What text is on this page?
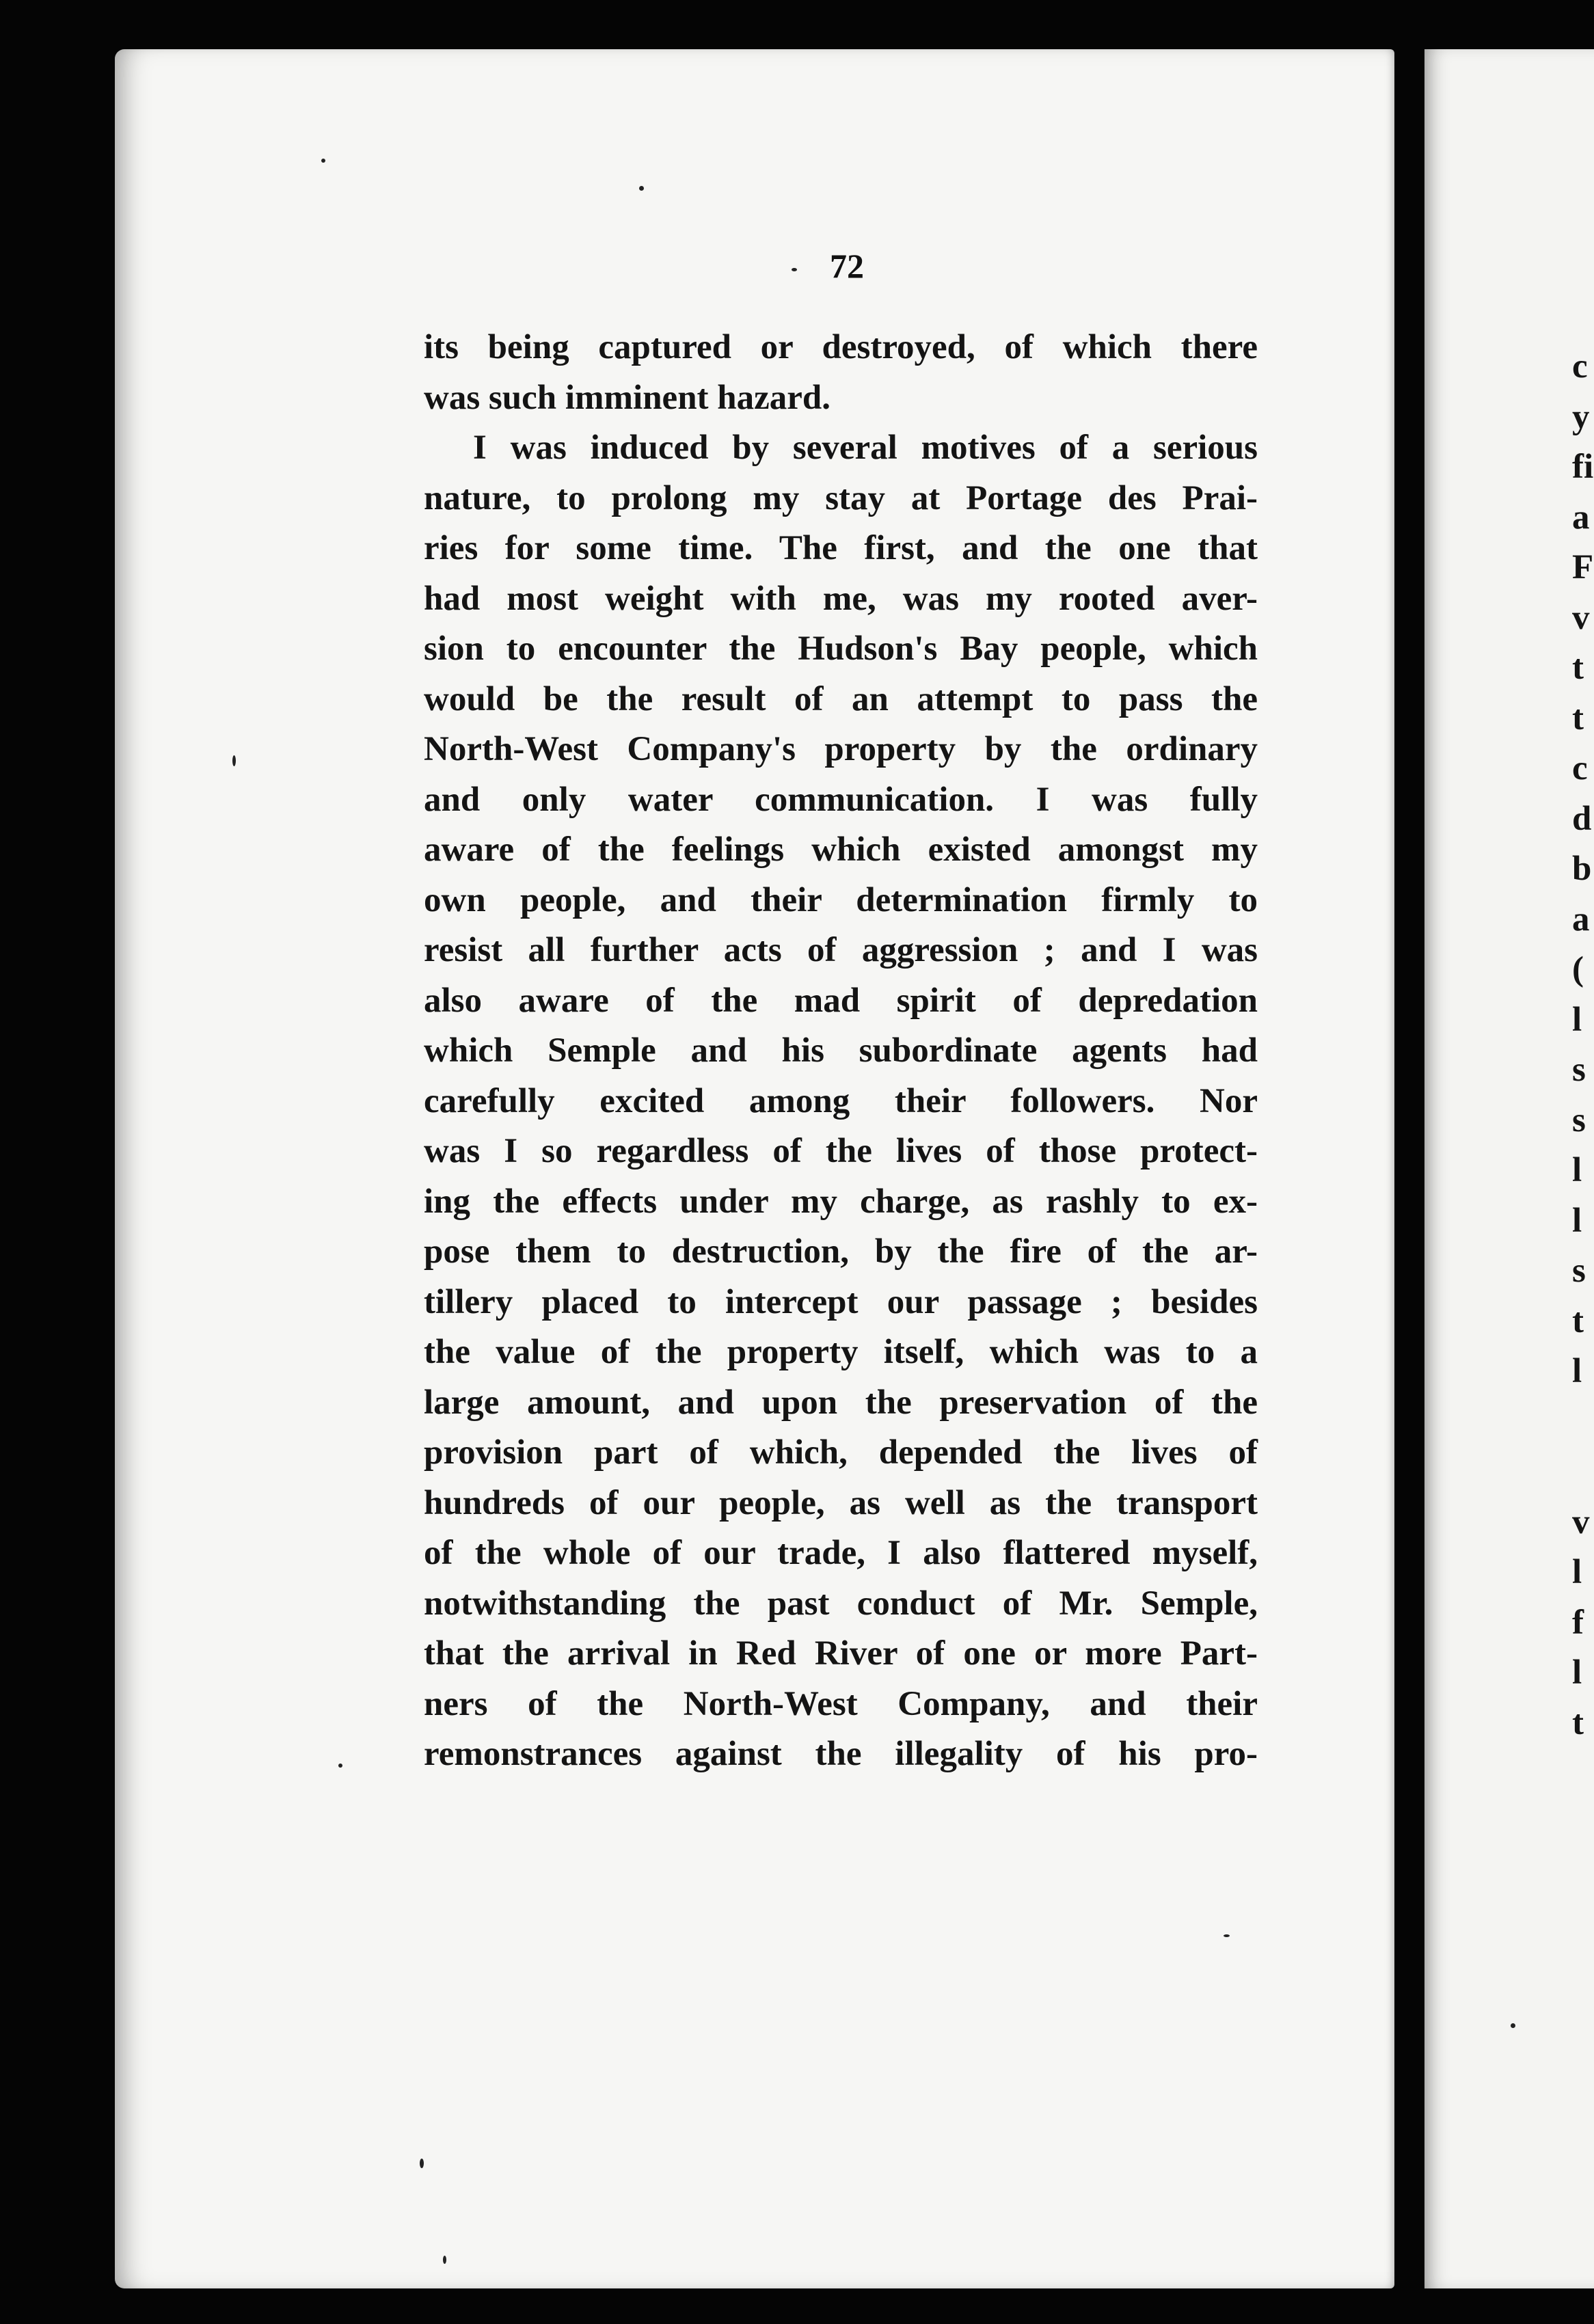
72
its being captured or destroyed, of which there
was such imminent hazard.
I was induced by several motives of a serious
nature, to prolong my stay at Portage des Prai-
ries for some time. The first, and the one that
had most weight with me, was my rooted aver-
sion to encounter the Hudson's Bay people, which
would be the result of an attempt to pass the
North-West Company's property by the ordinary
and only water communication. I was fully
aware of the feelings which existed amongst my
own people, and their determination firmly to
resist all further acts of aggression ; and I was
also aware of the mad spirit of depredation
which Semple and his subordinate agents had
carefully excited among their followers. Nor
was I so regardless of the lives of those protect-
ing the effects under my charge, as rashly to ex-
pose them to destruction, by the fire of the ar-
tillery placed to intercept our passage ; besides
the value of the property itself, which was to a
large amount, and upon the preservation of the
provision part of which, depended the lives of
hundreds of our people, as well as the transport
of the whole of our trade, I also flattered myself,
notwithstanding the past conduct of Mr. Semple,
that the arrival in Red River of one or more Part-
ners of the North-West Company, and their
remonstrances against the illegality of his pro-
c
y
fi
a
F
v
t
t
c
d
b
a
(
l
s
s
l
l
s
t
l
v
l
f
l
t
